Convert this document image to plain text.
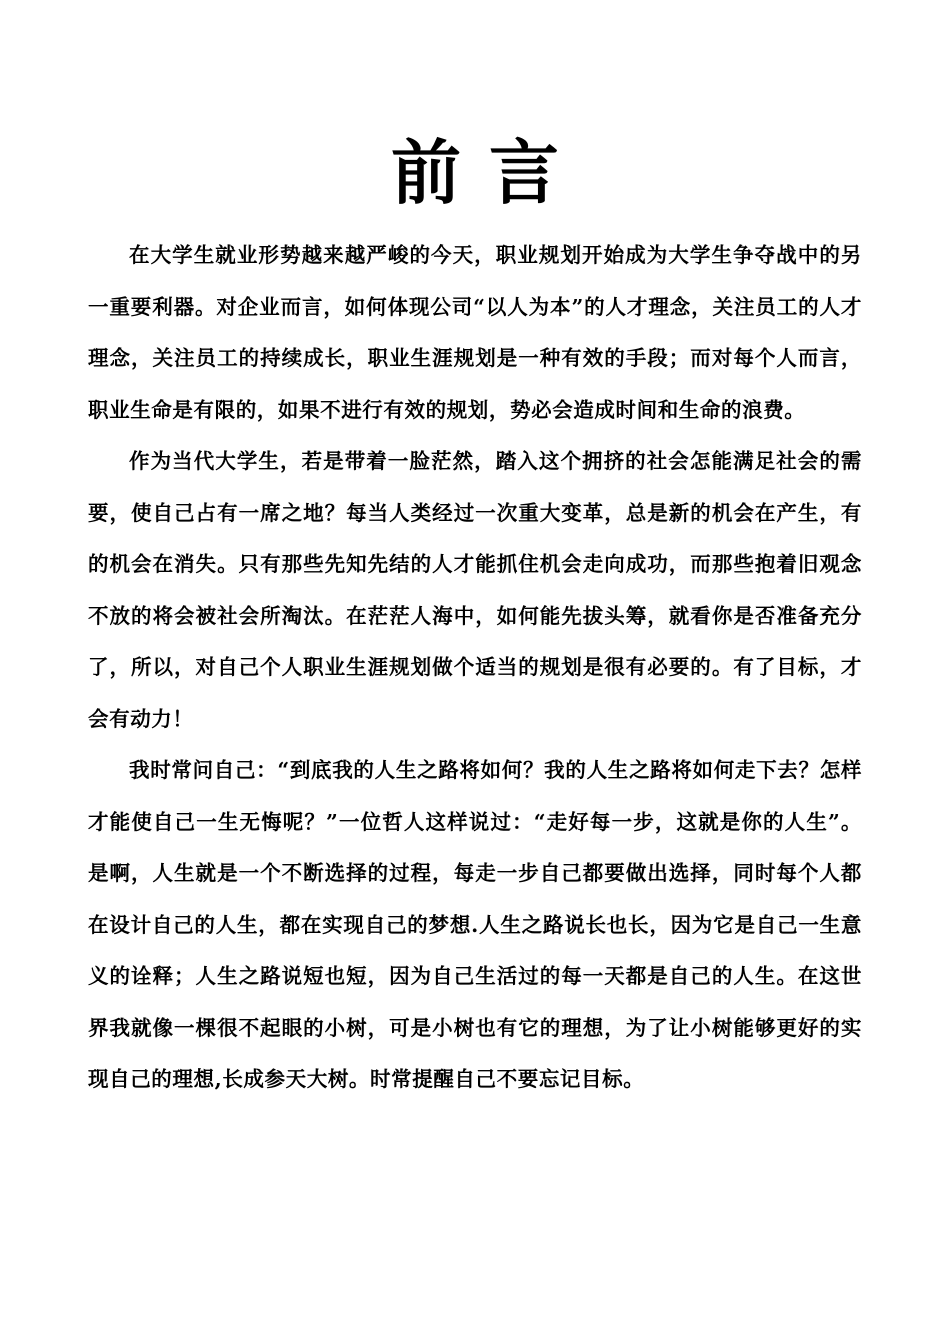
前言

在大学生就业形势越来越严峻的今天，职业规划开始成为大学生争夺战中的另一重要利器。对企业而言，如何体现公司“以人为本”的人才理念，关注员工的人才理念，关注员工的持续成长，职业生涯规划是一种有效的手段；而对每个人而言，职业生命是有限的，如果不进行有效的规划，势必会造成时间和生命的浪费。

作为当代大学生，若是带着一脸茫然，踏入这个拥挤的社会怎能满足社会的需要，使自己占有一席之地？每当人类经过一次重大变革，总是新的机会在产生，有的机会在消失。只有那些先知先结的人才能抓住机会走向成功，而那些抱着旧观念不放的将会被社会所淘汰。在茫茫人海中，如何能先拔头筹，就看你是否准备充分了，所以，对自己个人职业生涯规划做个适当的规划是很有必要的。有了目标，才会有动力！

我时常问自己：“到底我的人生之路将如何？我的人生之路将如何走下去？怎样才能使自己一生无悔呢？”一位哲人这样说过：“走好每一步，这就是你的人生”。是啊，人生就是一个不断选择的过程，每走一步自己都要做出选择，同时每个人都在设计自己的人生，都在实现自己的梦想.人生之路说长也长，因为它是自己一生意义的诠释；人生之路说短也短，因为自己生活过的每一天都是自己的人生。在这世界我就像一棵很不起眼的小树，可是小树也有它的理想，为了让小树能够更好的实现自己的理想,长成参天大树。时常提醒自己不要忘记目标。
